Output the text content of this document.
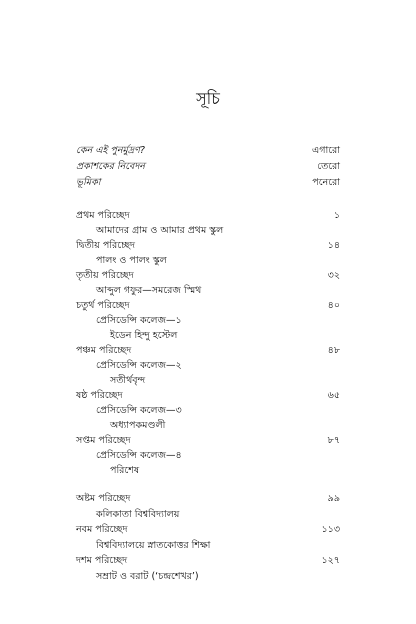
সূচি
কেন এই পুনর্মুদ্রণ?	এগারো
প্রকাশকের নিবেদন	তেরো
ভূমিকা	পনেরো
প্রথম পরিচ্ছেদ	১
আমাদের গ্রাম ও আমার প্রথম স্কুল
দ্বিতীয় পরিচ্ছেদ	১৪
পালং ও পালং স্কুল
তৃতীয় পরিচ্ছেদ	৩২
আব্দুল গফুর—সমরেজ স্মিথ
চতুর্থ পরিচ্ছেদ	৪০
প্রেসিডেন্সি কলেজ—১
ইডেন হিন্দু হস্টেল
পঞ্চম পরিচ্ছেদ	৪৮
প্রেসিডেন্সি কলেজ—২
সতীর্থবৃন্দ
ষষ্ঠ পরিচ্ছেদ	৬৫
প্রেসিডেন্সি কলেজ—৩
অধ্যাপকমণ্ডলী
সপ্তম পরিচ্ছেদ	৮৭
প্রেসিডেন্সি কলেজ—৪
পরিশেষ
অষ্টম পরিচ্ছেদ	৯৯
কলিকাতা বিশ্ববিদ্যালয়
নবম পরিচ্ছেদ	১১৩
বিশ্ববিদ্যালয়ে স্নাতকোত্তর শিক্ষা
দশম পরিচ্ছেদ	১২৭
সম্রাট ও বরাট (‘চন্দ্রশেখর’)
